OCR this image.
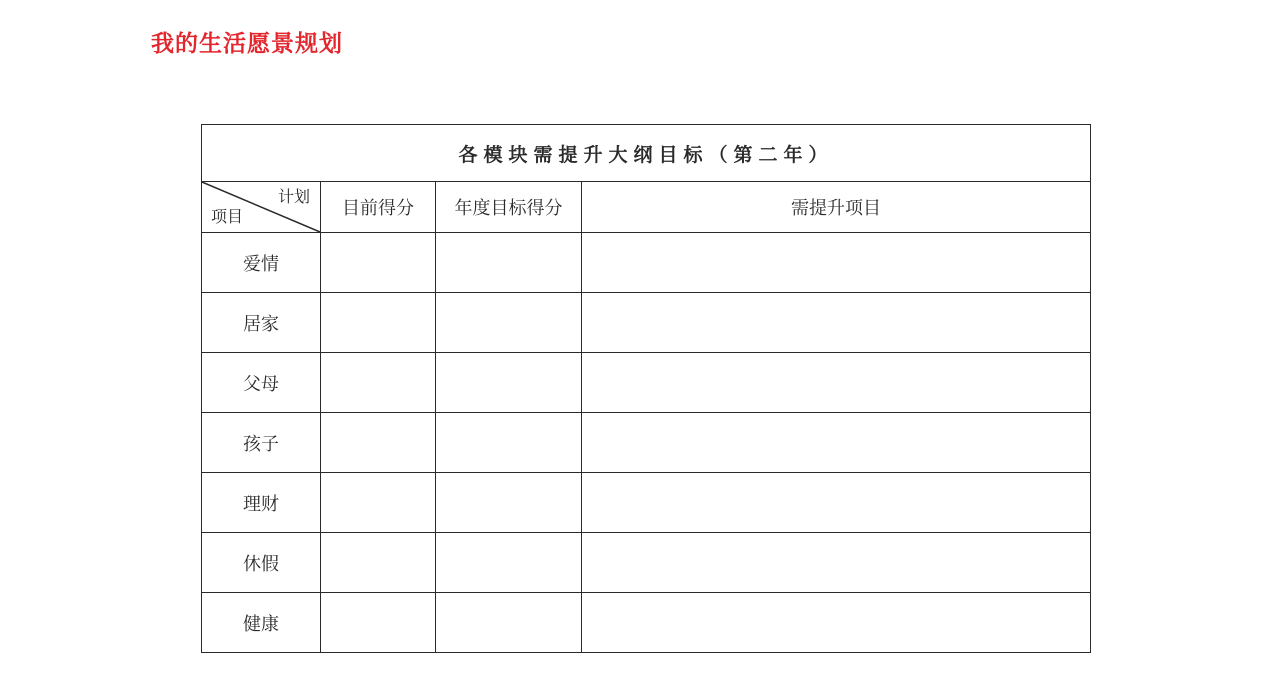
我的生活愿景规划
各模块需提升大纲目标（第二年）			

计划
项目	目前得分	年度目标得分	需提升项目
爱情			
居家			
父母			
孩子			
理财			
休假			
健康			
